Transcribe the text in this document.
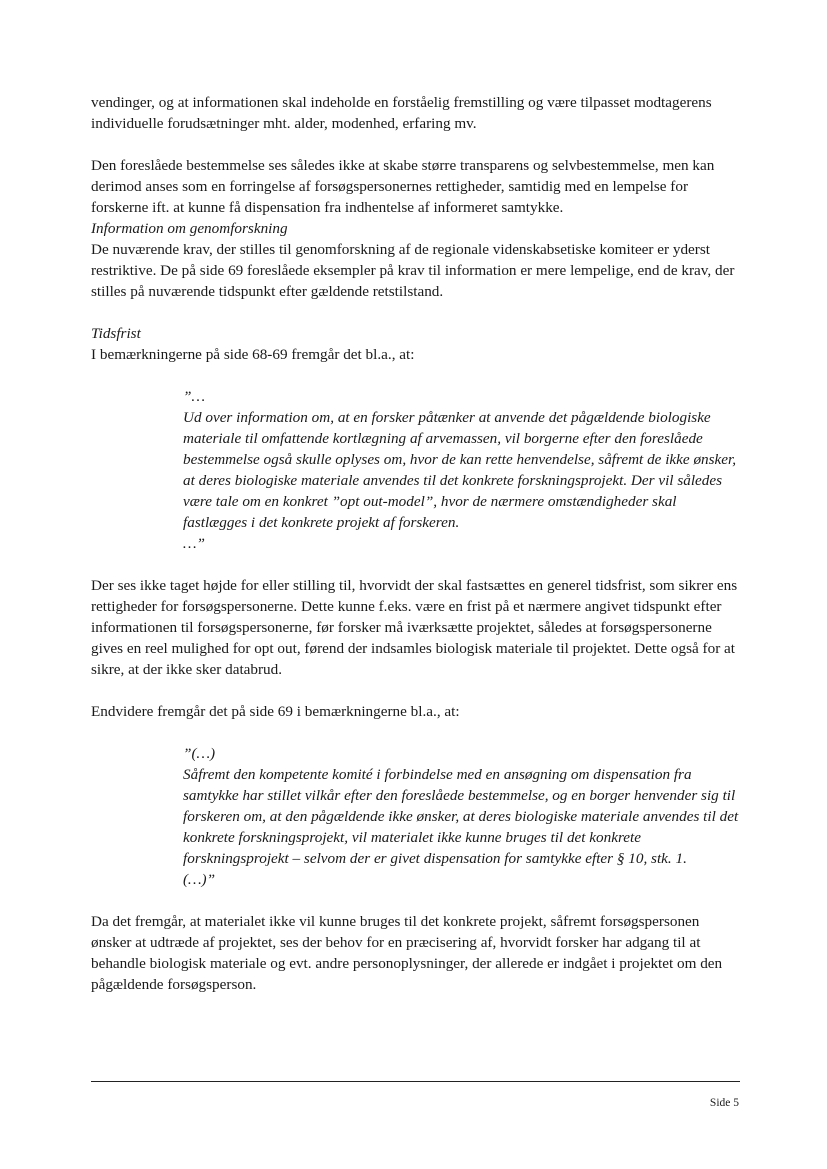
vendinger, og at informationen skal indeholde en forståelig fremstilling og være tilpasset modtagerens individuelle forudsætninger mht. alder, modenhed, erfaring mv.

Den foreslåede bestemmelse ses således ikke at skabe større transparens og selvbestemmelse, men kan derimod anses som en forringelse af forsøgspersonernes rettigheder, samtidig med en lempelse for forskerne ift. at kunne få dispensation fra indhentelse af informeret samtykke.

Information om genomforskning

De nuværende krav, der stilles til genomforskning af de regionale videnskabsetiske komiteer er yderst restriktive. De på side 69 foreslåede eksempler på krav til information er mere lempelige, end de krav, der stilles på nuværende tidspunkt efter gældende retstilstand.

Tidsfrist

I bemærkningerne på side 68-69 fremgår det bl.a., at:

”…

Ud over information om, at en forsker påtænker at anvende det pågældende biologiske materiale til omfattende kortlægning af arvemassen, vil borgerne efter den foreslåede bestemmelse også skulle oplyses om, hvor de kan rette henvendelse, såfremt de ikke ønsker, at deres biologiske materiale anvendes til det konkrete forskningsprojekt. Der vil således være tale om en konkret ”opt out-model”, hvor de nærmere omstændigheder skal fastlægges i det konkrete projekt af forskeren.

…”

Der ses ikke taget højde for eller stilling til, hvorvidt der skal fastsættes en generel tidsfrist, som sikrer ens rettigheder for forsøgspersonerne. Dette kunne f.eks. være en frist på et nærmere angivet tidspunkt efter informationen til forsøgspersonerne, før forsker må iværksætte projektet, således at forsøgspersonerne gives en reel mulighed for opt out, førend der indsamles biologisk materiale til projektet. Dette også for at sikre, at der ikke sker databrud.

Endvidere fremgår det på side 69 i bemærkningerne bl.a., at:

”(…)

Såfremt den kompetente komité i forbindelse med en ansøgning om dispensation fra samtykke har stillet vilkår efter den foreslåede bestemmelse, og en borger henvender sig til forskeren om, at den pågældende ikke ønsker, at deres biologiske materiale anvendes til det konkrete forskningsprojekt, vil materialet ikke kunne bruges til det konkrete forskningsprojekt – selvom der er givet dispensation for samtykke efter § 10, stk. 1.

(…)”

Da det fremgår, at materialet ikke vil kunne bruges til det konkrete projekt, såfremt forsøgspersonen ønsker at udtræde af projektet, ses der behov for en præcisering af, hvorvidt forsker har adgang til at behandle biologisk materiale og evt. andre personoplysninger, der allerede er indgået i projektet om den pågældende forsøgsperson.

Side 5
